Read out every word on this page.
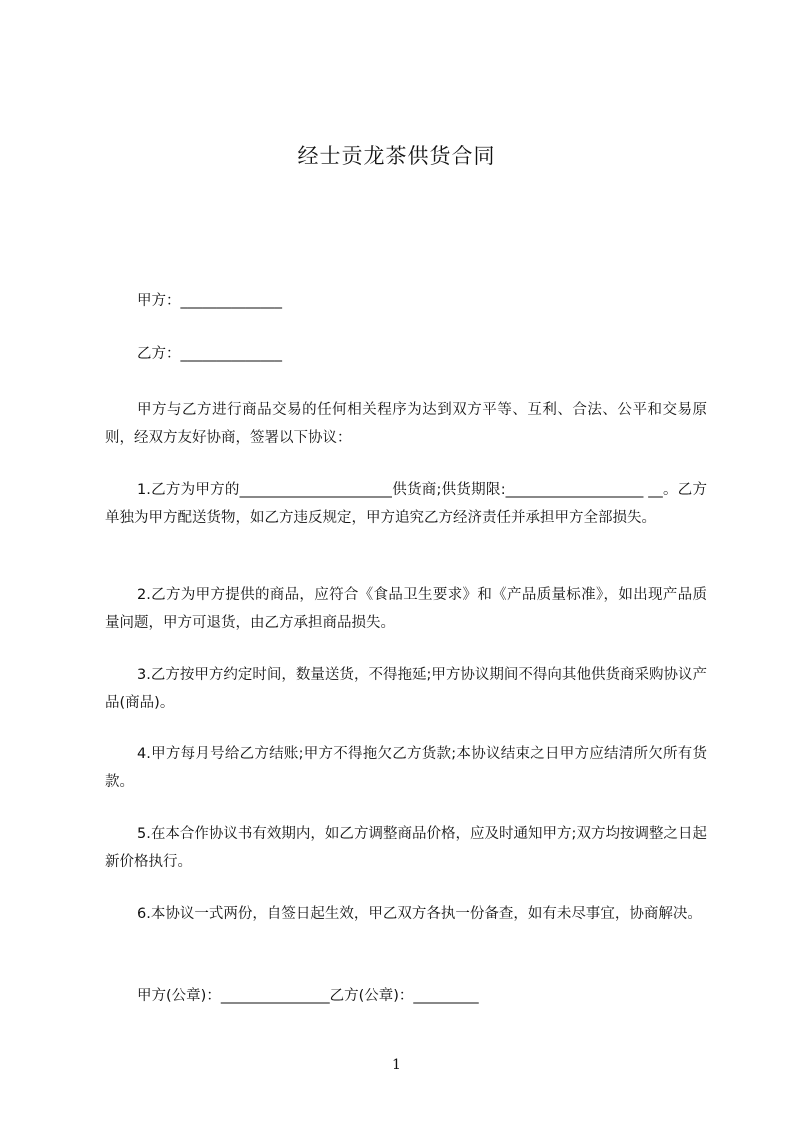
经士贡龙茶供货合同
甲方：______________
乙方：______________

甲方与乙方进行商品交易的任何相关程序为达到双方平等、互利、合法、公平和交易原则，经双方友好协商，签署以下协议：

1.乙方为甲方的_____________________供货商;供货期限:___________________ __。乙方单独为甲方配送货物，如乙方违反规定，甲方追究乙方经济责任并承担甲方全部损失。

2.乙方为甲方提供的商品，应符合《食品卫生要求》和《产品质量标准》，如出现产品质量问题，甲方可退货，由乙方承担商品损失。

3.乙方按甲方约定时间，数量送货，不得拖延;甲方协议期间不得向其他供货商采购协议产品(商品)。

4.甲方每月号给乙方结账;甲方不得拖欠乙方货款;本协议结束之日甲方应结清所欠所有货款。

5.在本合作协议书有效期内，如乙方调整商品价格，应及时通知甲方;双方均按调整之日起新价格执行。

6.本协议一式两份，自签日起生效，甲乙双方各执一份备查，如有未尽事宜，协商解决。

甲方(公章)：_______________乙方(公章)：_________
1
